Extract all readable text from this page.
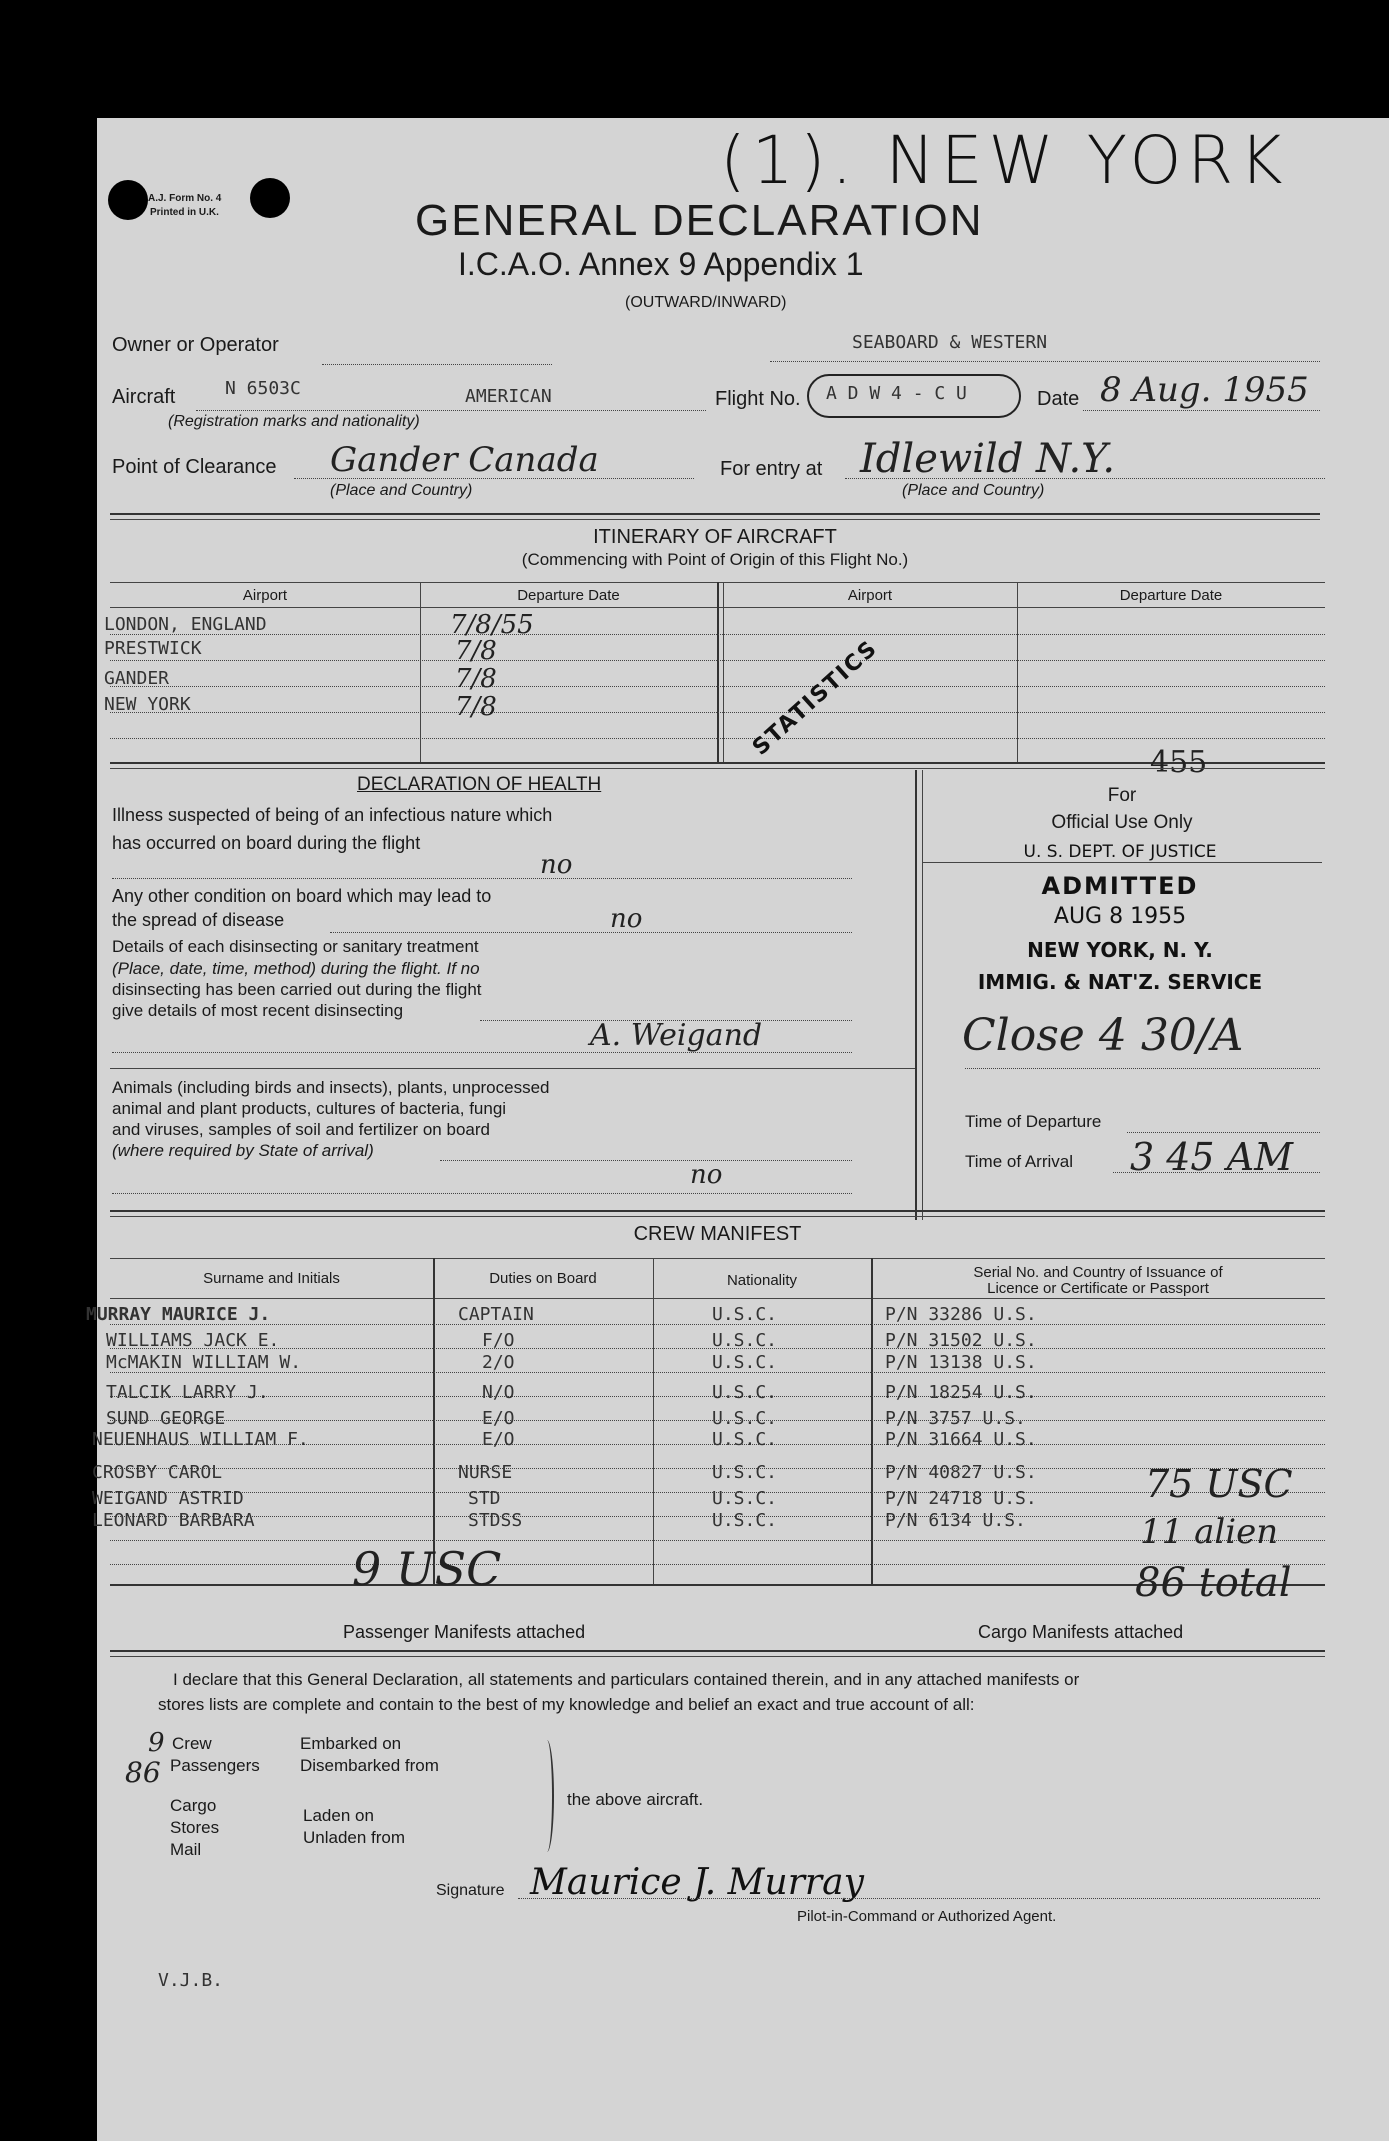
A.J. Form No. 4
Printed in U.K.
(1). NEW YORK
GENERAL DECLARATION
I.C.A.O. Annex 9 Appendix 1
(OUTWARD/INWARD)
Owner or Operator	SEABOARD & WESTERN
Aircraft	N 6503C	AMERICAN
(Registration marks and nationality)
Flight No. A D W 4 - C U	Date 8 Aug. 1955
Point of Clearance Gander Canada
(Place and Country)
For entry at Idlewild N.Y.
(Place and Country)
ITINERARY OF AIRCRAFT
(Commencing with Point of Origin of this Flight No.)
Airport	Departure Date	Airport	Departure Date
LONDON, ENGLAND	7/8/55
PRESTWICK	7/8
GANDER	7/8
NEW YORK	7/8	STATISTICS
455
DECLARATION OF HEALTH
Illness suspected of being of an infectious nature which
has occurred on board during the flight
no
Any other condition on board which may lead to
the spread of disease	no
Details of each disinsecting or sanitary treatment
(Place, date, time, method) during the flight. If no
disinsecting has been carried out during the flight
give details of most recent disinsecting
A. Weigand
Animals (including birds and insects), plants, unprocessed
animal and plant products, cultures of bacteria, fungi
and viruses, samples of soil and fertilizer on board
(where required by State of arrival)
no
For
Official Use Only
U. S. DEPT. OF JUSTICE
ADMITTED
AUG 8 1955
NEW YORK, N. Y.
IMMIG. & NAT'Z. SERVICE
Close 4 30/A
Time of Departure
Time of Arrival 3 45 AM
CREW MANIFEST
Surname and Initials	Duties on Board	Nationality	Serial No. and Country of Issuance of
Licence or Certificate or Passport
MURRAY MAURICE J.	CAPTAIN	U.S.C.	P/N 33286 U.S.
WILLIAMS JACK E.	F/O	U.S.C.	P/N 31502 U.S.
McMAKIN WILLIAM W.	2/O	U.S.C.	P/N 13138 U.S.
TALCIK LARRY J.	N/O	U.S.C.	P/N 18254 U.S.
SUND GEORGE	E/O	U.S.C.	P/N 3757 U.S.
NEUENHAUS WILLIAM F.	E/O	U.S.C.	P/N 31664 U.S.
CROSBY CAROL	NURSE	U.S.C.	P/N 40827 U.S.
WEIGAND ASTRID	STD	U.S.C.	P/N 24718 U.S.
LEONARD BARBARA	STDSS	U.S.C.	P/N 6134 U.S.
9 USC
75 USC
11 alien
86 total
Passenger Manifests attached	Cargo Manifests attached
I declare that this General Declaration, all statements and particulars contained therein, and in any attached manifests or
stores lists are complete and contain to the best of my knowledge and belief an exact and true account of all:
9
86
Crew
Passengers
Embarked on
Disembarked from
Cargo
Stores
Mail
Laden on
Unladen from
the above aircraft.
Signature Maurice J. Murray
Pilot-in-Command or Authorized Agent.
V.J.B.
